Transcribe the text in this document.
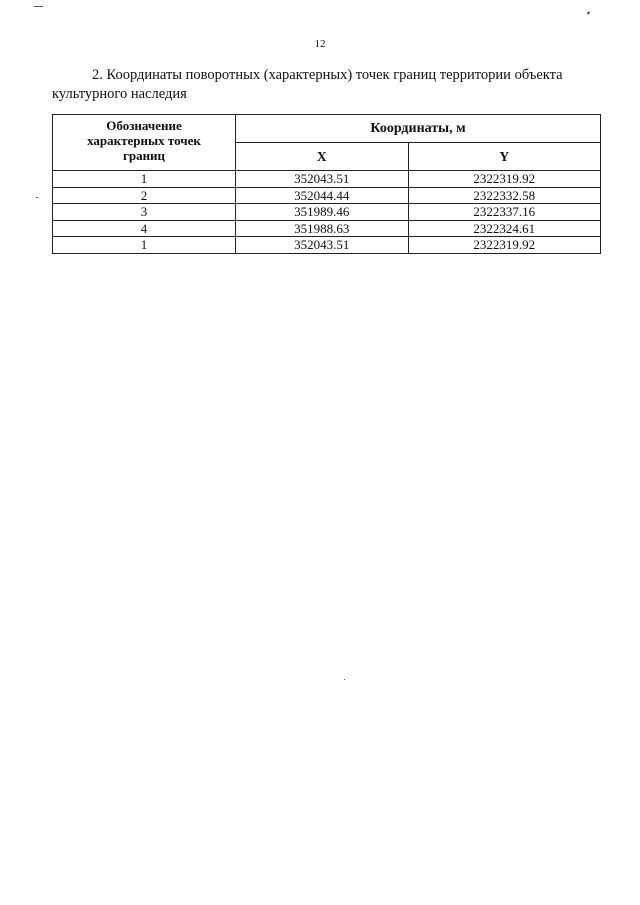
12
2. Координаты поворотных (характерных) точек границ территории объекта
культурного наследия
Обозначение
характерных точек
границ	Координаты, м	
	X	Y
1	352043.51	2322319.92
2	352044.44	2322332.58
3	351989.46	2322337.16
4	351988.63	2322324.61
1	352043.51	2322319.92
